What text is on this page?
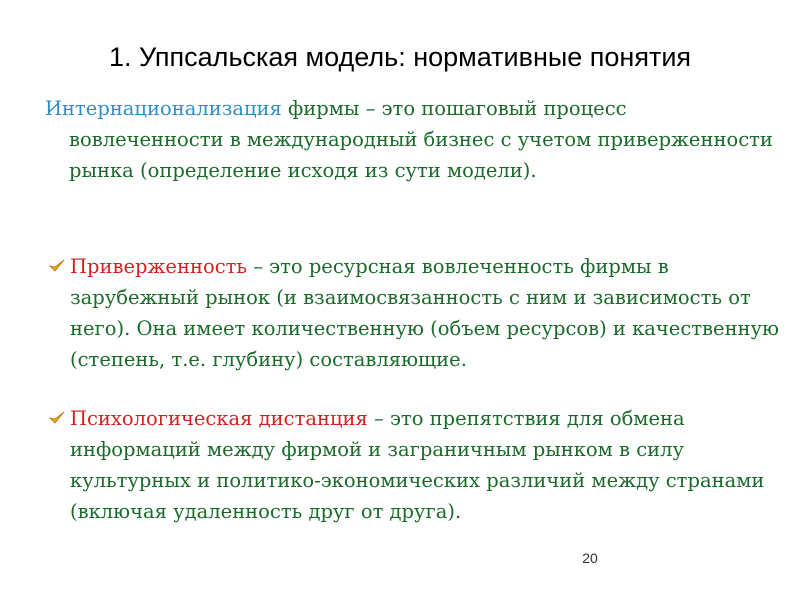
1. Уппсальская модель: нормативные понятия

Интернационализация фирмы – это пошаговый процесс
вовлеченности в международный бизнес с учетом приверженности рынка (определение исходя из сути модели).

Приверженность – это ресурсная вовлеченность фирмы в зарубежный рынок (и взаимосвязанность с ним и зависимость от него). Она имеет количественную (объем ресурсов) и качественную (степень, т.е. глубину) составляющие.

Психологическая дистанция – это препятствия для обмена информаций между фирмой и заграничным рынком в силу культурных и политико-экономических различий между странами (включая удаленность друг от друга).

20
